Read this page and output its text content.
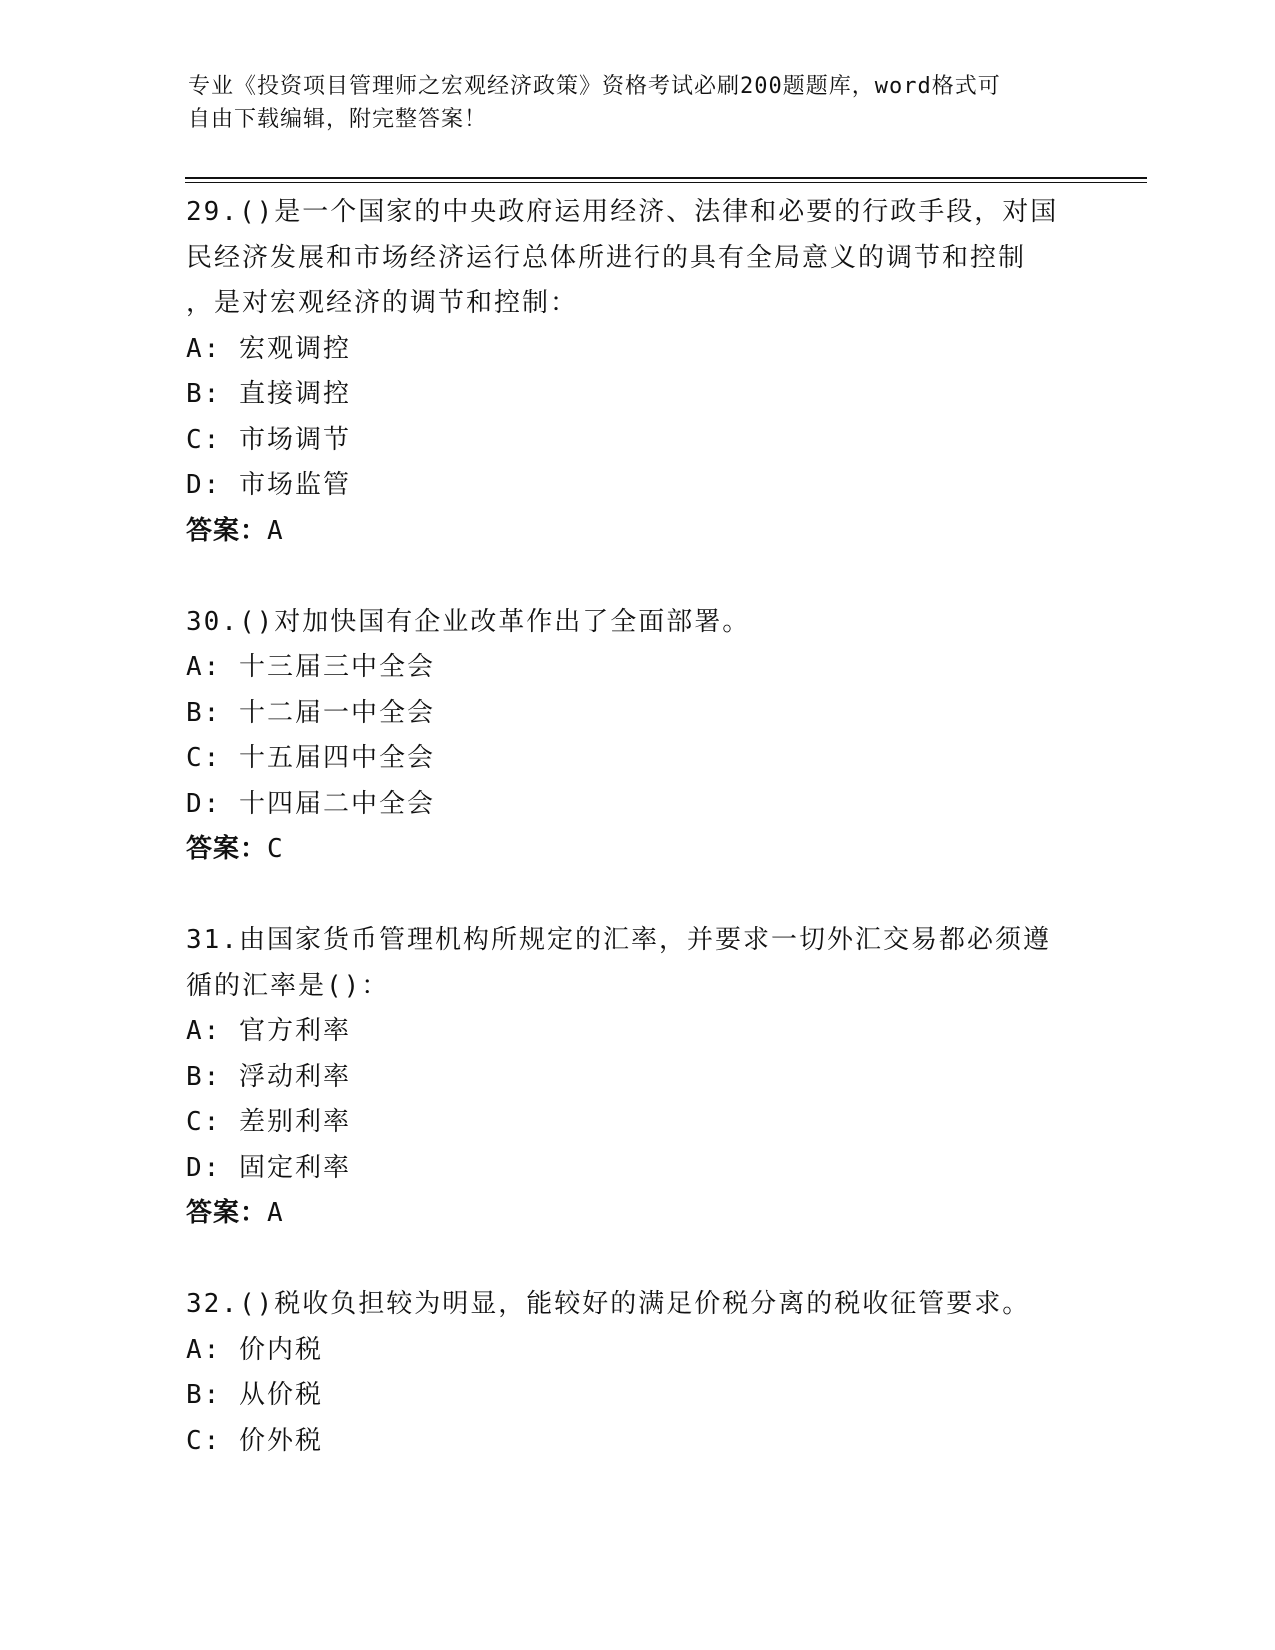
专业《投资项目管理师之宏观经济政策》资格考试必刷200题题库，word格式可
自由下载编辑，附完整答案！

29.()是一个国家的中央政府运用经济、法律和必要的行政手段，对国

民经济发展和市场经济运行总体所进行的具有全局意义的调节和控制

，是对宏观经济的调节和控制：

A: 宏观调控

B: 直接调控

C: 市场调节

D: 市场监管

答案：A

30.()对加快国有企业改革作出了全面部署。

A: 十三届三中全会

B: 十二届一中全会

C: 十五届四中全会

D: 十四届二中全会

答案：C

31.由国家货币管理机构所规定的汇率，并要求一切外汇交易都必须遵

循的汇率是()：

A: 官方利率

B: 浮动利率

C: 差别利率

D: 固定利率

答案：A

32.()税收负担较为明显，能较好的满足价税分离的税收征管要求。

A: 价内税

B: 从价税

C: 价外税
